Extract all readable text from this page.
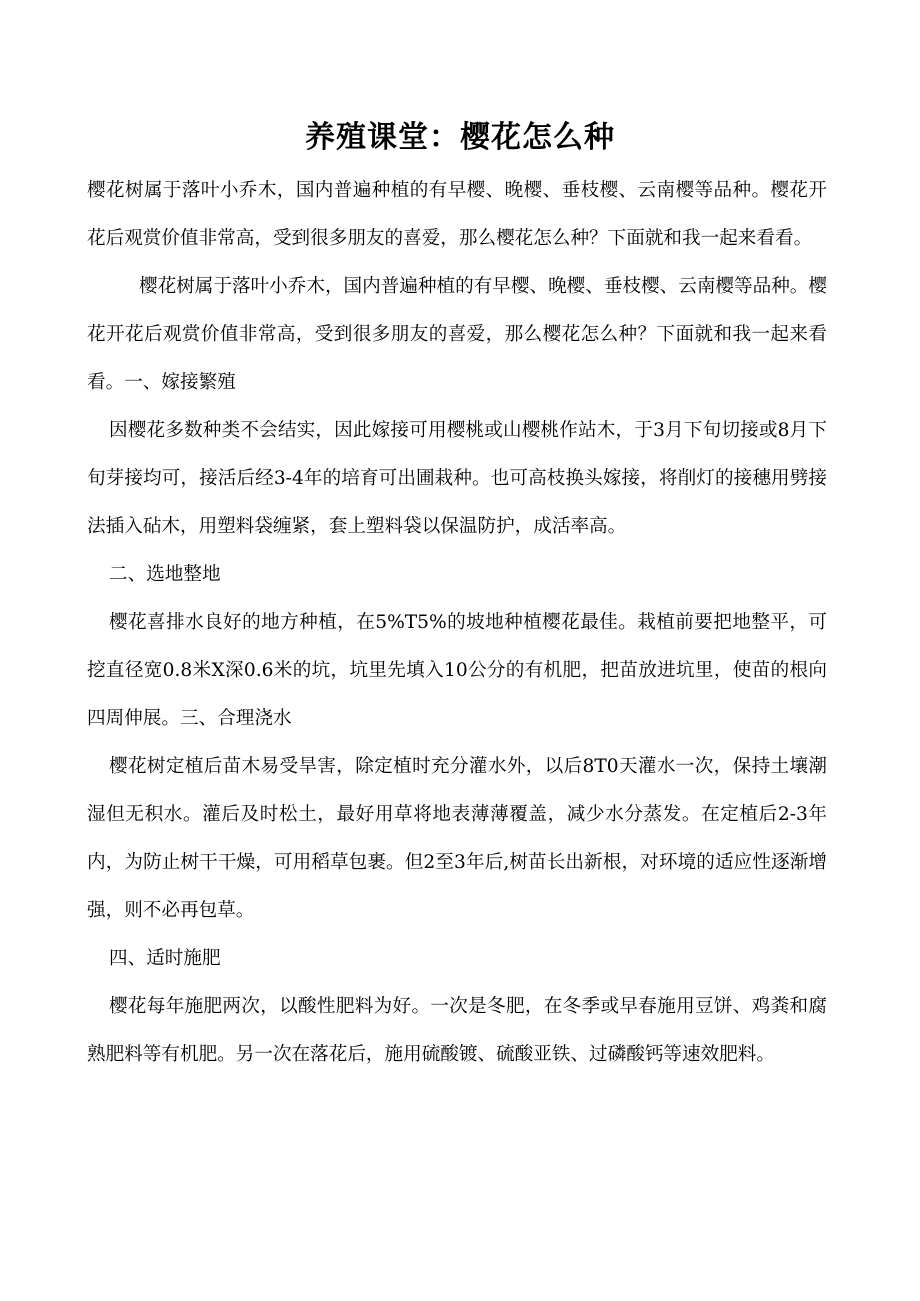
养殖课堂：樱花怎么种

樱花树属于落叶小乔木，国内普遍种植的有早樱、晚樱、垂枝樱、云南樱等品种。樱花开花后观赏价值非常高，受到很多朋友的喜爱，那么樱花怎么种？下面就和我一起来看看。

樱花树属于落叶小乔木，国内普遍种植的有早樱、晚樱、垂枝樱、云南樱等品种。樱花开花后观赏价值非常高，受到很多朋友的喜爱，那么樱花怎么种？下面就和我一起来看看。一、嫁接繁殖

因樱花多数种类不会结实，因此嫁接可用樱桃或山樱桃作站木，于3月下旬切接或8月下旬芽接均可，接活后经3-4年的培育可出圃栽种。也可高枝换头嫁接，将削灯的接穗用劈接法插入砧木，用塑料袋缠紧，套上塑料袋以保温防护，成活率高。

二、选地整地

樱花喜排水良好的地方种植，在5%T5%的坡地种植樱花最佳。栽植前要把地整平，可挖直径宽0.8米X深0.6米的坑，坑里先填入10公分的有机肥，把苗放进坑里，使苗的根向四周伸展。三、合理浇水

樱花树定植后苗木易受旱害，除定植时充分灌水外，以后8T0天灌水一次，保持土壤潮湿但无积水。灌后及时松土，最好用草将地表薄薄覆盖，减少水分蒸发。在定植后2-3年内，为防止树干干燥，可用稻草包裹。但2至3年后,树苗长出新根，对环境的适应性逐渐增强，则不必再包草。

四、适时施肥

樱花每年施肥两次，以酸性肥料为好。一次是冬肥，在冬季或早春施用豆饼、鸡粪和腐熟肥料等有机肥。另一次在落花后，施用硫酸镀、硫酸亚铁、过磷酸钙等速效肥料。
